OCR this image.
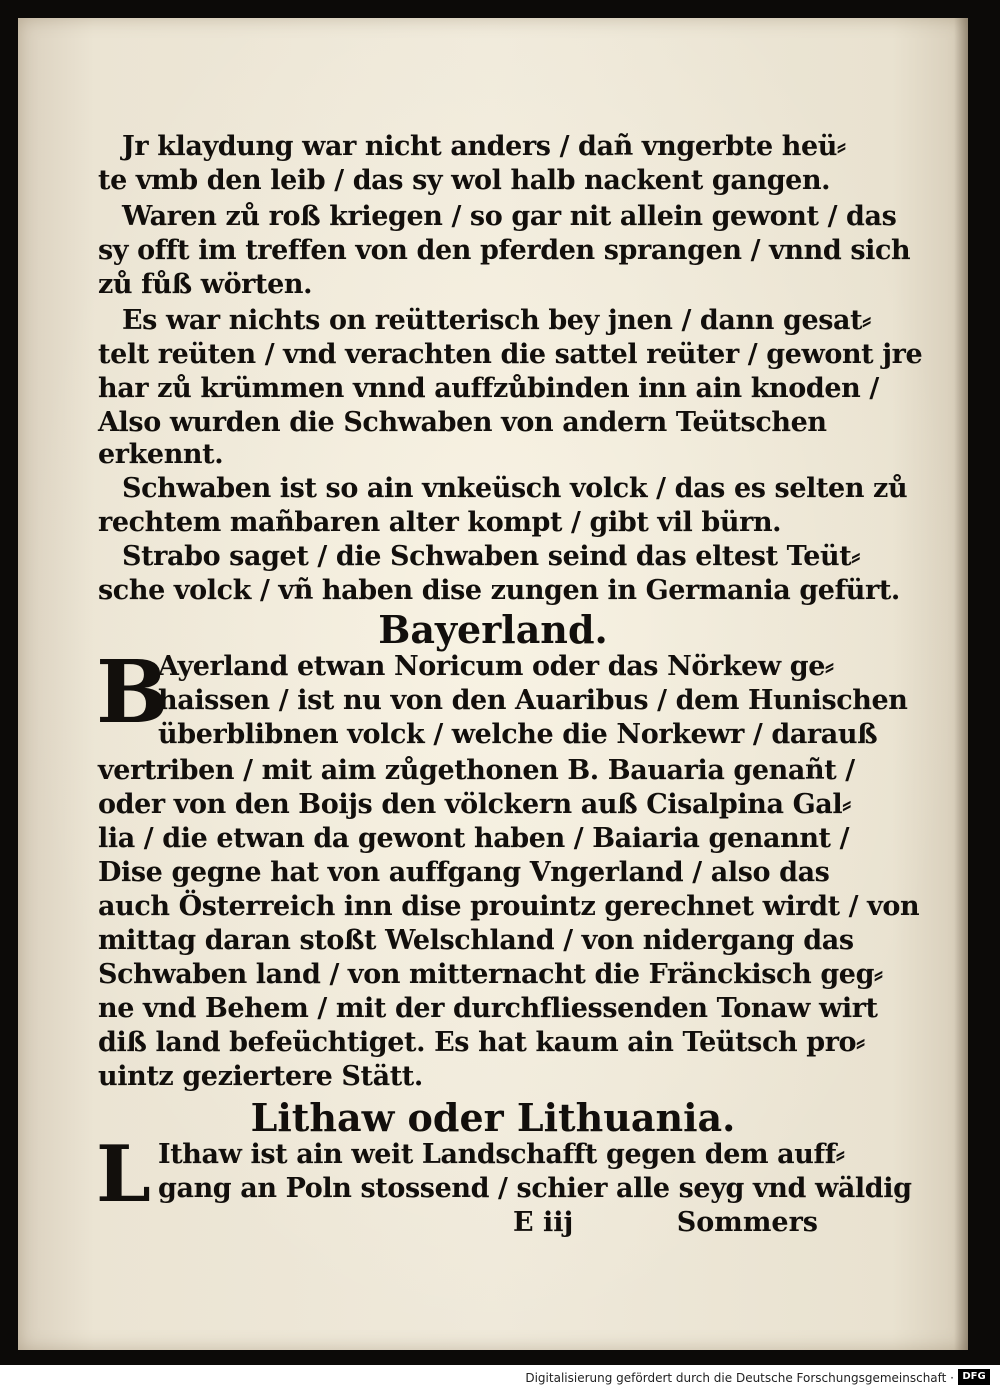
Jr klaydung war nicht anders / dañ vngerbte heü⸗
te vmb den leib / das sy wol halb nackent gangen.
Waren zů roß kriegen / so gar nit allein gewont / das
sy offt im treffen von den pferden sprangen / vnnd sich
zů fůß wörten.
Es war nichts on reütterisch bey jnen / dann gesat⸗
telt reüten / vnd verachten die sattel reüter / gewont jre
har zů krümmen vnnd auffzůbinden inn ain knoden /
Also wurden die Schwaben von andern Teütschen
erkennt.
Schwaben ist so ain vnkeüsch volck / das es selten zů
rechtem mañbaren alter kompt / gibt vil bürn.
Strabo saget / die Schwaben seind das eltest Teüt⸗
sche volck / vñ haben dise zungen in Germania gefürt.
Bayerland.
B
Ayerland etwan Noricum oder das Nörkew ge⸗
haissen / ist nu von den Auaribus / dem Hunischen
überblibnen volck / welche die Norkewr / darauß
vertriben / mit aim zůgethonen B. Bauaria genañt /
oder von den Boijs den völckern auß Cisalpina Gal⸗
lia / die etwan da gewont haben / Baiaria genannt /
Dise gegne hat von auffgang Vngerland / also das
auch Österreich inn dise prouintz gerechnet wirdt / von
mittag daran stoßt Welschland / von nidergang das
Schwaben land / von mitternacht die Fränckisch geg⸗
ne vnd Behem / mit der durchfliessenden Tonaw wirt
diß land befeüchtiget. Es hat kaum ain Teütsch pro⸗
uintz gezierterе Stätt.
Lithaw oder Lithuania.
L Ithaw ist ain weit Landschafft gegen dem auff⸗
gang an Poln stossend / schier alle seyg vnd wäldig
E iij	Sommers
Digitalisierung gefördert durch die Deutsche Forschungsgemeinschaft · DFG
